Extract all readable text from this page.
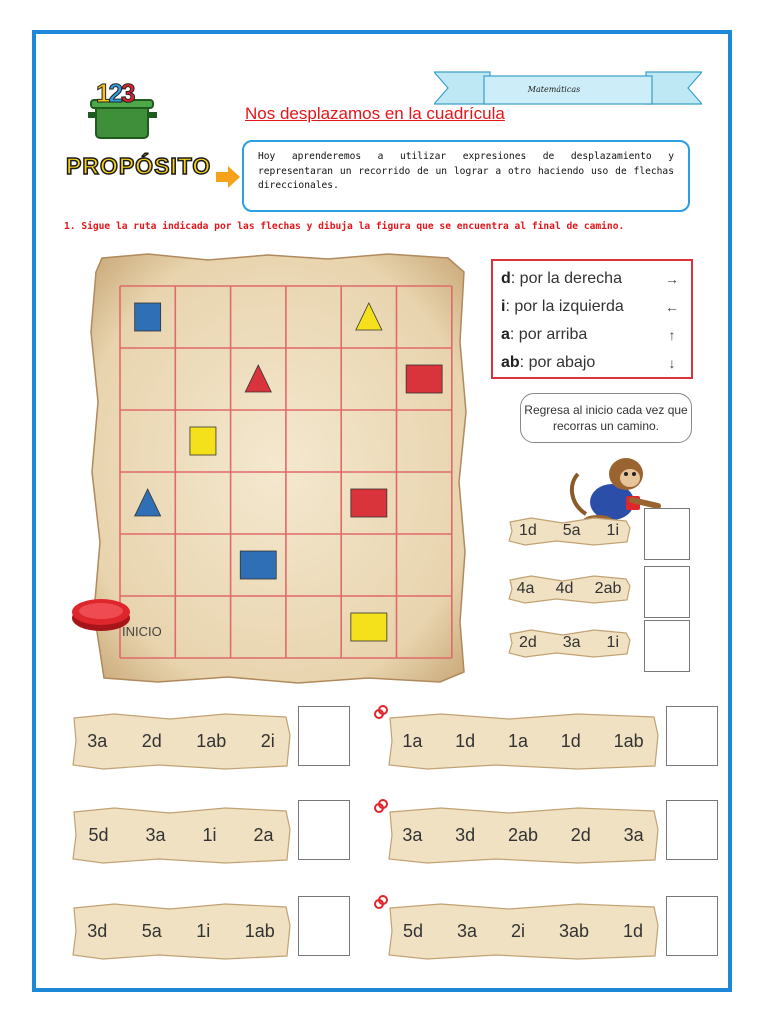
123	Matemáticas
Nos desplazamos en la cuadrícula
PROPÓSITO	Hoy aprenderemos a utilizar expresiones de desplazamiento y representaran un recorrido de un lograr a otro haciendo uso de flechas direccionales.
1. Sigue la ruta indicada por las flechas y dibuja la figura que se encuentra al final de camino.
INICIO
d: por la derecha	→
i: por la izquierda	←
a: por arriba	↑
ab: por abajo	↓
Regresa al inicio cada vez que recorras un camino.
1d 5a 1i
4a 4d 2ab
2d 3a 1i
3a 2d 1ab 2i
5d 3a 1i 2a
3d 5a 1i 1ab
1a 1d 1a 1d 1ab
3a 3d 2ab 2d 3a
5d 3a 2i 3ab 1d
